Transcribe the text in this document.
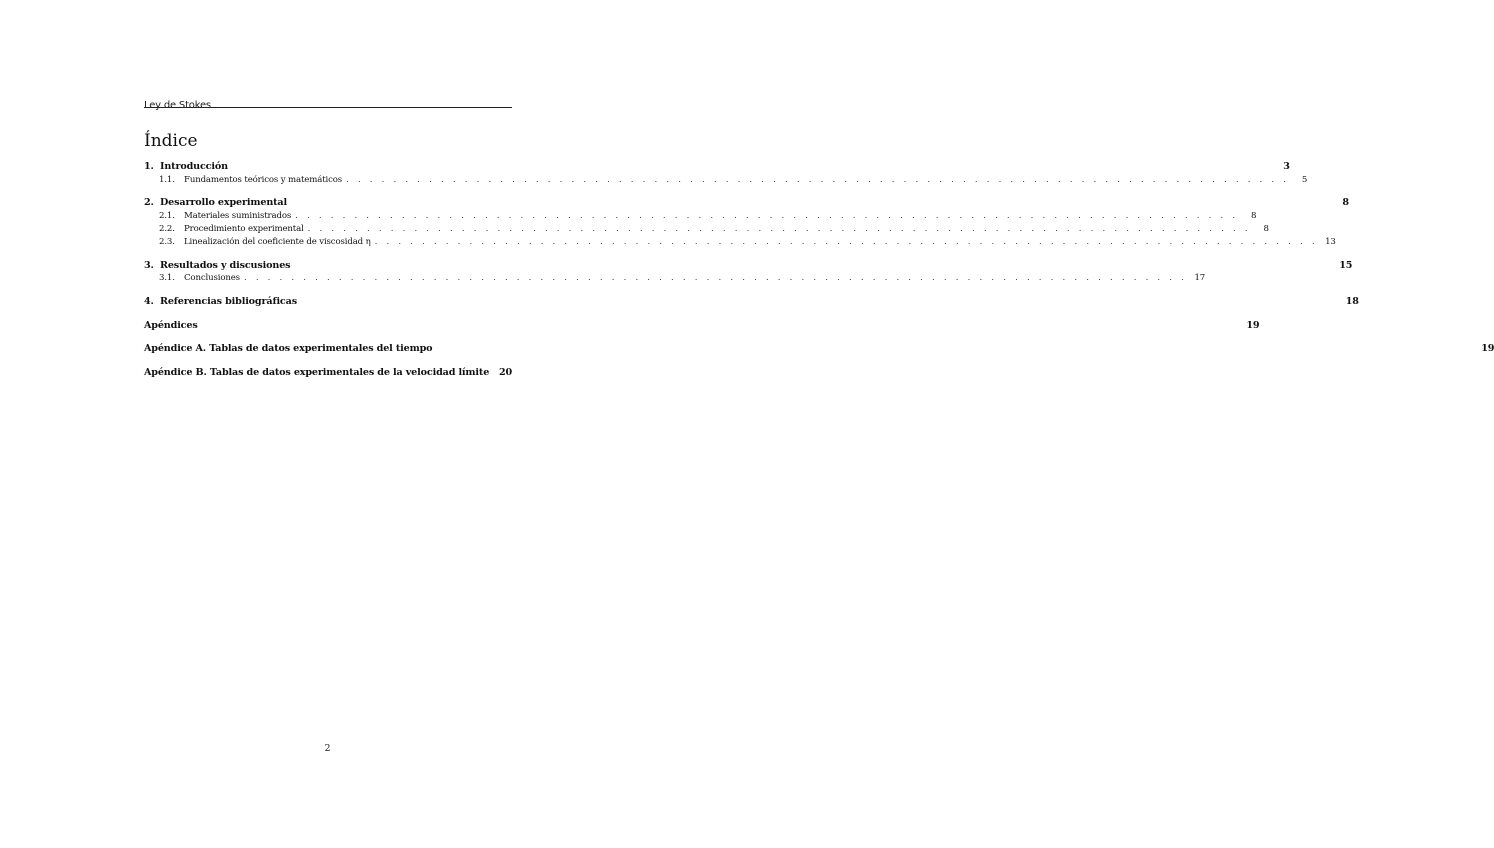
Ley de Stokes
Índice
1. Introducción	3
1.1.	Fundamentos teóricos y matemáticos . . . . . . . . . . . . . . . . . . . . . . . . . . . . . . . . . . . . . . . . . . . . . . . . . . . . . . . . . . . . . . . . . . . . . . . . . . . . . . . .	5
2. Desarrollo experimental	8
2.1.	Materiales suministrados . . . . . . . . . . . . . . . . . . . . . . . . . . . . . . . . . . . . . . . . . . . . . . . . . . . . . . . . . . . . . . . . . . . . . . . . . . . . . . . .	8
2.2.	Procedimiento experimental . . . . . . . . . . . . . . . . . . . . . . . . . . . . . . . . . . . . . . . . . . . . . . . . . . . . . . . . . . . . . . . . . . . . . . . . . . . . . . . .	8
2.3.	Linealización del coeficiente de viscosidad η . . . . . . . . . . . . . . . . . . . . . . . . . . . . . . . . . . . . . . . . . . . . . . . . . . . . . . . . . . . . . . . . . . . . . . . . . . . . . . . . 13
3. Resultados y discusiones	15
3.1.	Conclusiones . . . . . . . . . . . . . . . . . . . . . . . . . . . . . . . . . . . . . . . . . . . . . . . . . . . . . . . . . . . . . . . . . . . . . . . . . . . . . . . . 17
4. Referencias bibliográficas	18
Apéndices	19
Apéndice A. Tablas de datos experimentales del tiempo	19
Apéndice B. Tablas de datos experimentales de la velocidad límite 20
2
